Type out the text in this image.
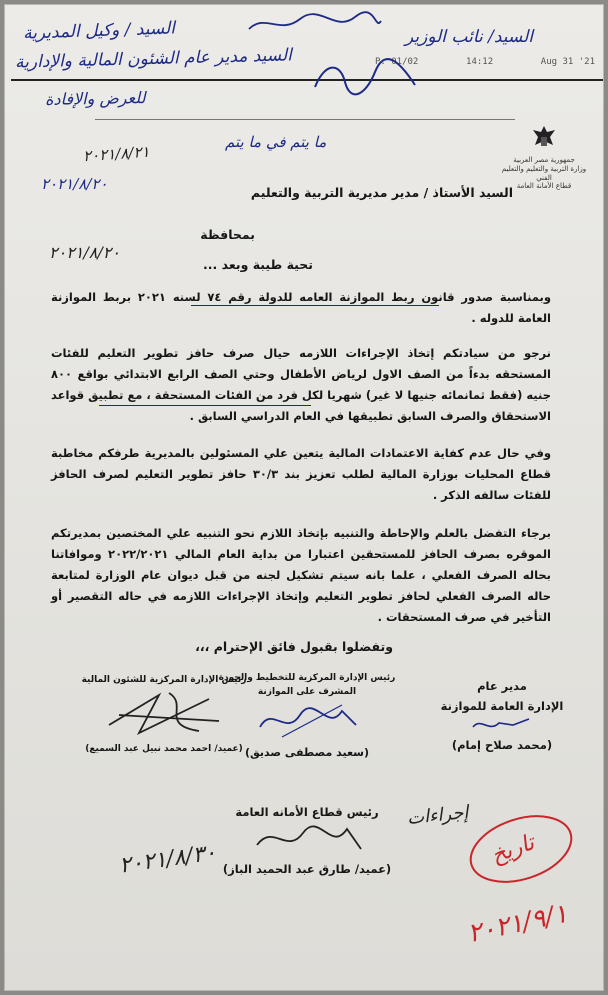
P. 01/02	14:12	Aug 31 '21
السيد / وكيل المديرية
السيد مدير عام الشئون المالية والإدارية
للعرض والإفادة
السيد/ نائب الوزير
ما يتم في ما يتم
٢٠٢١/٨/٢١
٢٠٢١/٨/٢٠
٢٠٢١/٨/٢٠
جمهورية مصر العربية
وزارة التربية والتعليم والتعليم الفني
قطاع الأمانة العامة
السيد الأستاذ / مدير مديرية التربية والتعليم
بمحافظة
تحية طيبة وبعد ...
وبمناسبة صدور قانون ربط الموازنة العامه للدولة رقم ٧٤ لسنه ٢٠٢١ بربط الموازنة العامة للدوله .
نرجو من سيادتكم إتخاذ الإجراءات اللازمه حيال صرف حافز تطوير التعليم للفئات المستحقه بدءاً من الصف الاول لرياض الأطفال وحتي الصف الرابع الابتدائي بواقع ٨٠٠ جنيه (فقط ثمانمائه جنيها لا غير) شهريا لكل فرد من الفئات المستحقة ، مع تطبيق قواعد الاستحقاق والصرف السابق تطبيقها في العام الدراسي السابق .
وفي حال عدم كفاية الاعتمادات المالية يتعين علي المسئولين بالمديرية طرفكم مخاطبة قطاع المحليات بوزارة المالية لطلب تعزيز بند ٣٠/٣ حافز تطوير التعليم لصرف الحافز للفئات سالفه الذكر .
برجاء التفضل بالعلم والإحاطة والتنبيه بإتخاذ اللازم نحو التنبيه علي المختصين بمديرتكم الموقره بصرف الحافز للمستحقين اعتبارا من بداية العام المالي ٢٠٢٢/٢٠٢١ وموافاتنا بحاله الصرف الفعلي ، علما بانه سيتم تشكيل لجنه من قبل ديوان عام الوزارة لمتابعة حاله الصرف الفعلي لحافز تطوير التعليم وإتخاذ الإجراءات اللازمه في حاله التقصير أو التأخير في صرف المستحقات .
وتفضلوا بقبول فائق الإحترام ،،،
مدير عام
الإدارة العامة للموازنة
(محمد صلاح إمام)
رئيس الإدارة المركزية للتخطيط والجودة
المشرف على الموازنة
(سعيد مصطفى صديق)
رئيس الإدارة المركزية للشئون المالية
(عميد/ احمد محمد نبيل عبد السميع)
رئيس قطاع الأمانه العامة
(عميد/ طارق عبد الحميد الباز)
٢٠٢١/٨/٣٠
إجراءات
تاريخ
٢٠٢١/٩/١
